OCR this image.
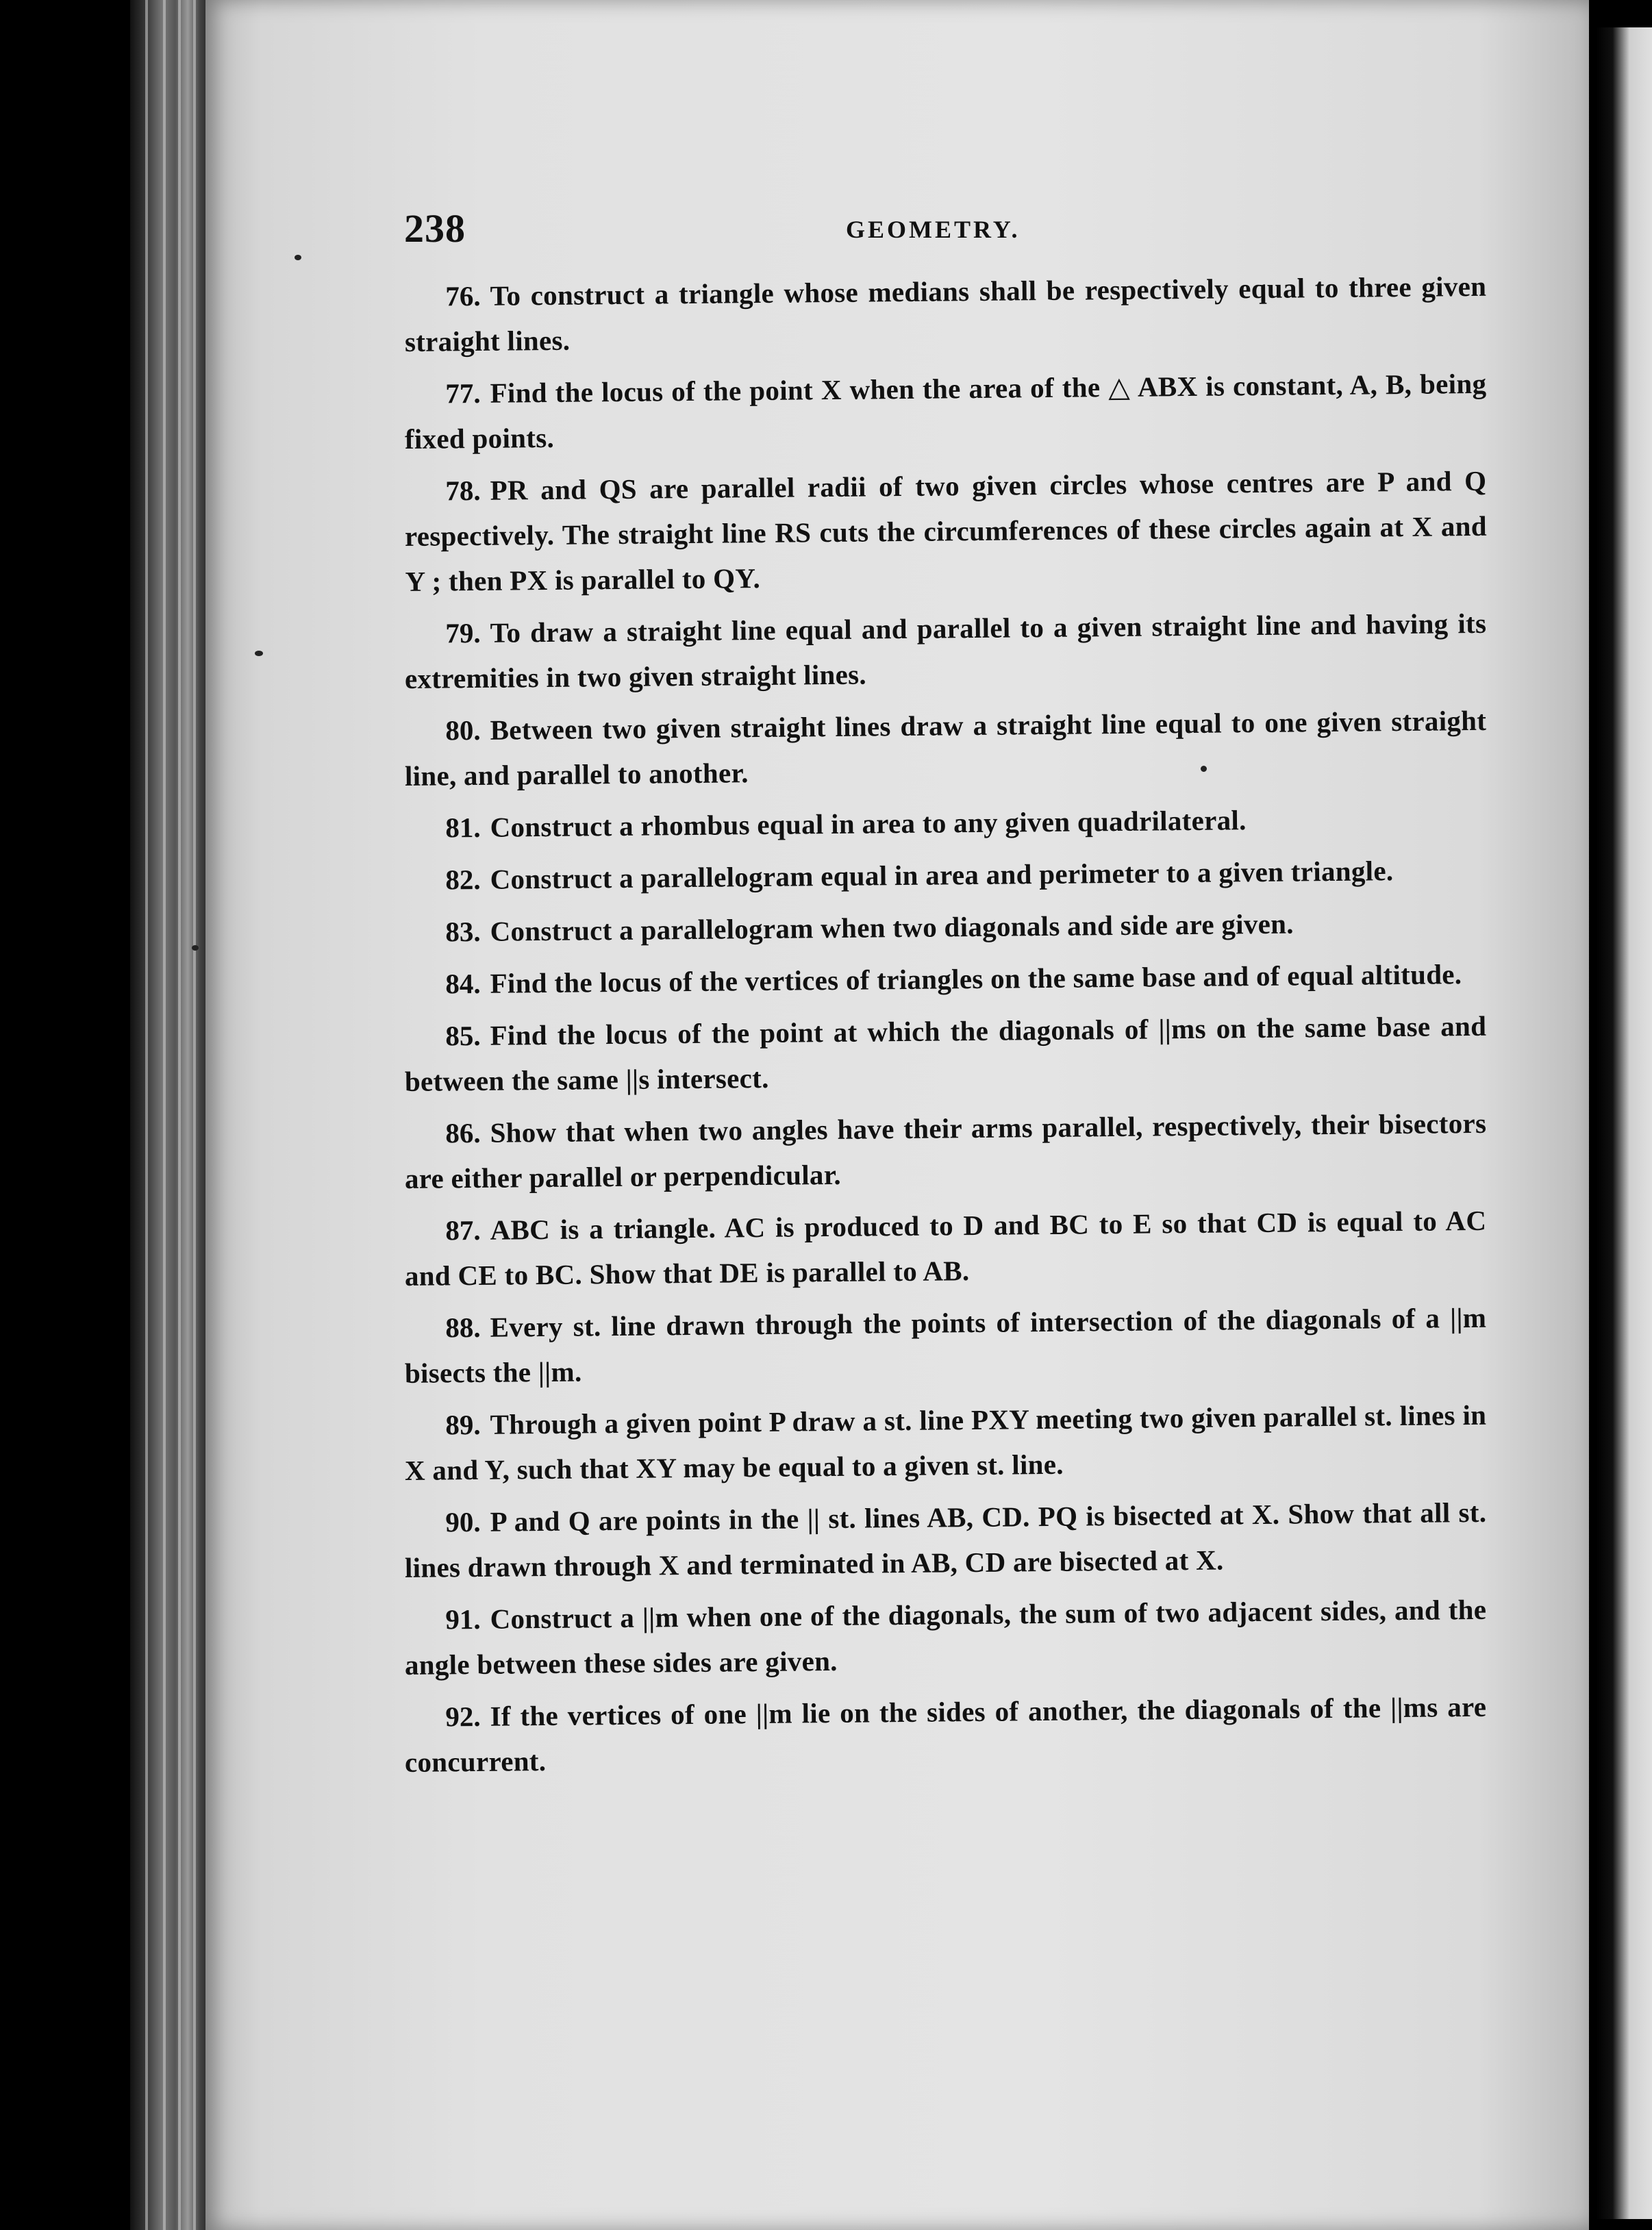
238	GEOMETRY.

76. To construct a triangle whose medians shall be respectively equal to three given straight lines.

77. Find the locus of the point X when the area of the △ ABX is constant, A, B, being fixed points.

78. PR and QS are parallel radii of two given circles whose centres are P and Q respectively. The straight line RS cuts the circumferences of these circles again at X and Y ; then PX is parallel to QY.

79. To draw a straight line equal and parallel to a given straight line and having its extremities in two given straight lines.

80. Between two given straight lines draw a straight line equal to one given straight line, and parallel to another.

81. Construct a rhombus equal in area to any given quadrilateral.

82. Construct a parallelogram equal in area and perimeter to a given triangle.

83. Construct a parallelogram when two diagonals and side are given.

84. Find the locus of the vertices of triangles on the same base and of equal altitude.

85. Find the locus of the point at which the diagonals of ||ms on the same base and between the same ||s intersect.

86. Show that when two angles have their arms parallel, respectively, their bisectors are either parallel or perpendicular.

87. ABC is a triangle. AC is produced to D and BC to E so that CD is equal to AC and CE to BC. Show that DE is parallel to AB.

88. Every st. line drawn through the points of intersection of the diagonals of a ||m bisects the ||m.

89. Through a given point P draw a st. line PXY meeting two given parallel st. lines in X and Y, such that XY may be equal to a given st. line.

90. P and Q are points in the || st. lines AB, CD. PQ is bisected at X. Show that all st. lines drawn through X and terminated in AB, CD are bisected at X.

91. Construct a ||m when one of the diagonals, the sum of two adjacent sides, and the angle between these sides are given.

92. If the vertices of one ||m lie on the sides of another, the diagonals of the ||ms are concurrent.
